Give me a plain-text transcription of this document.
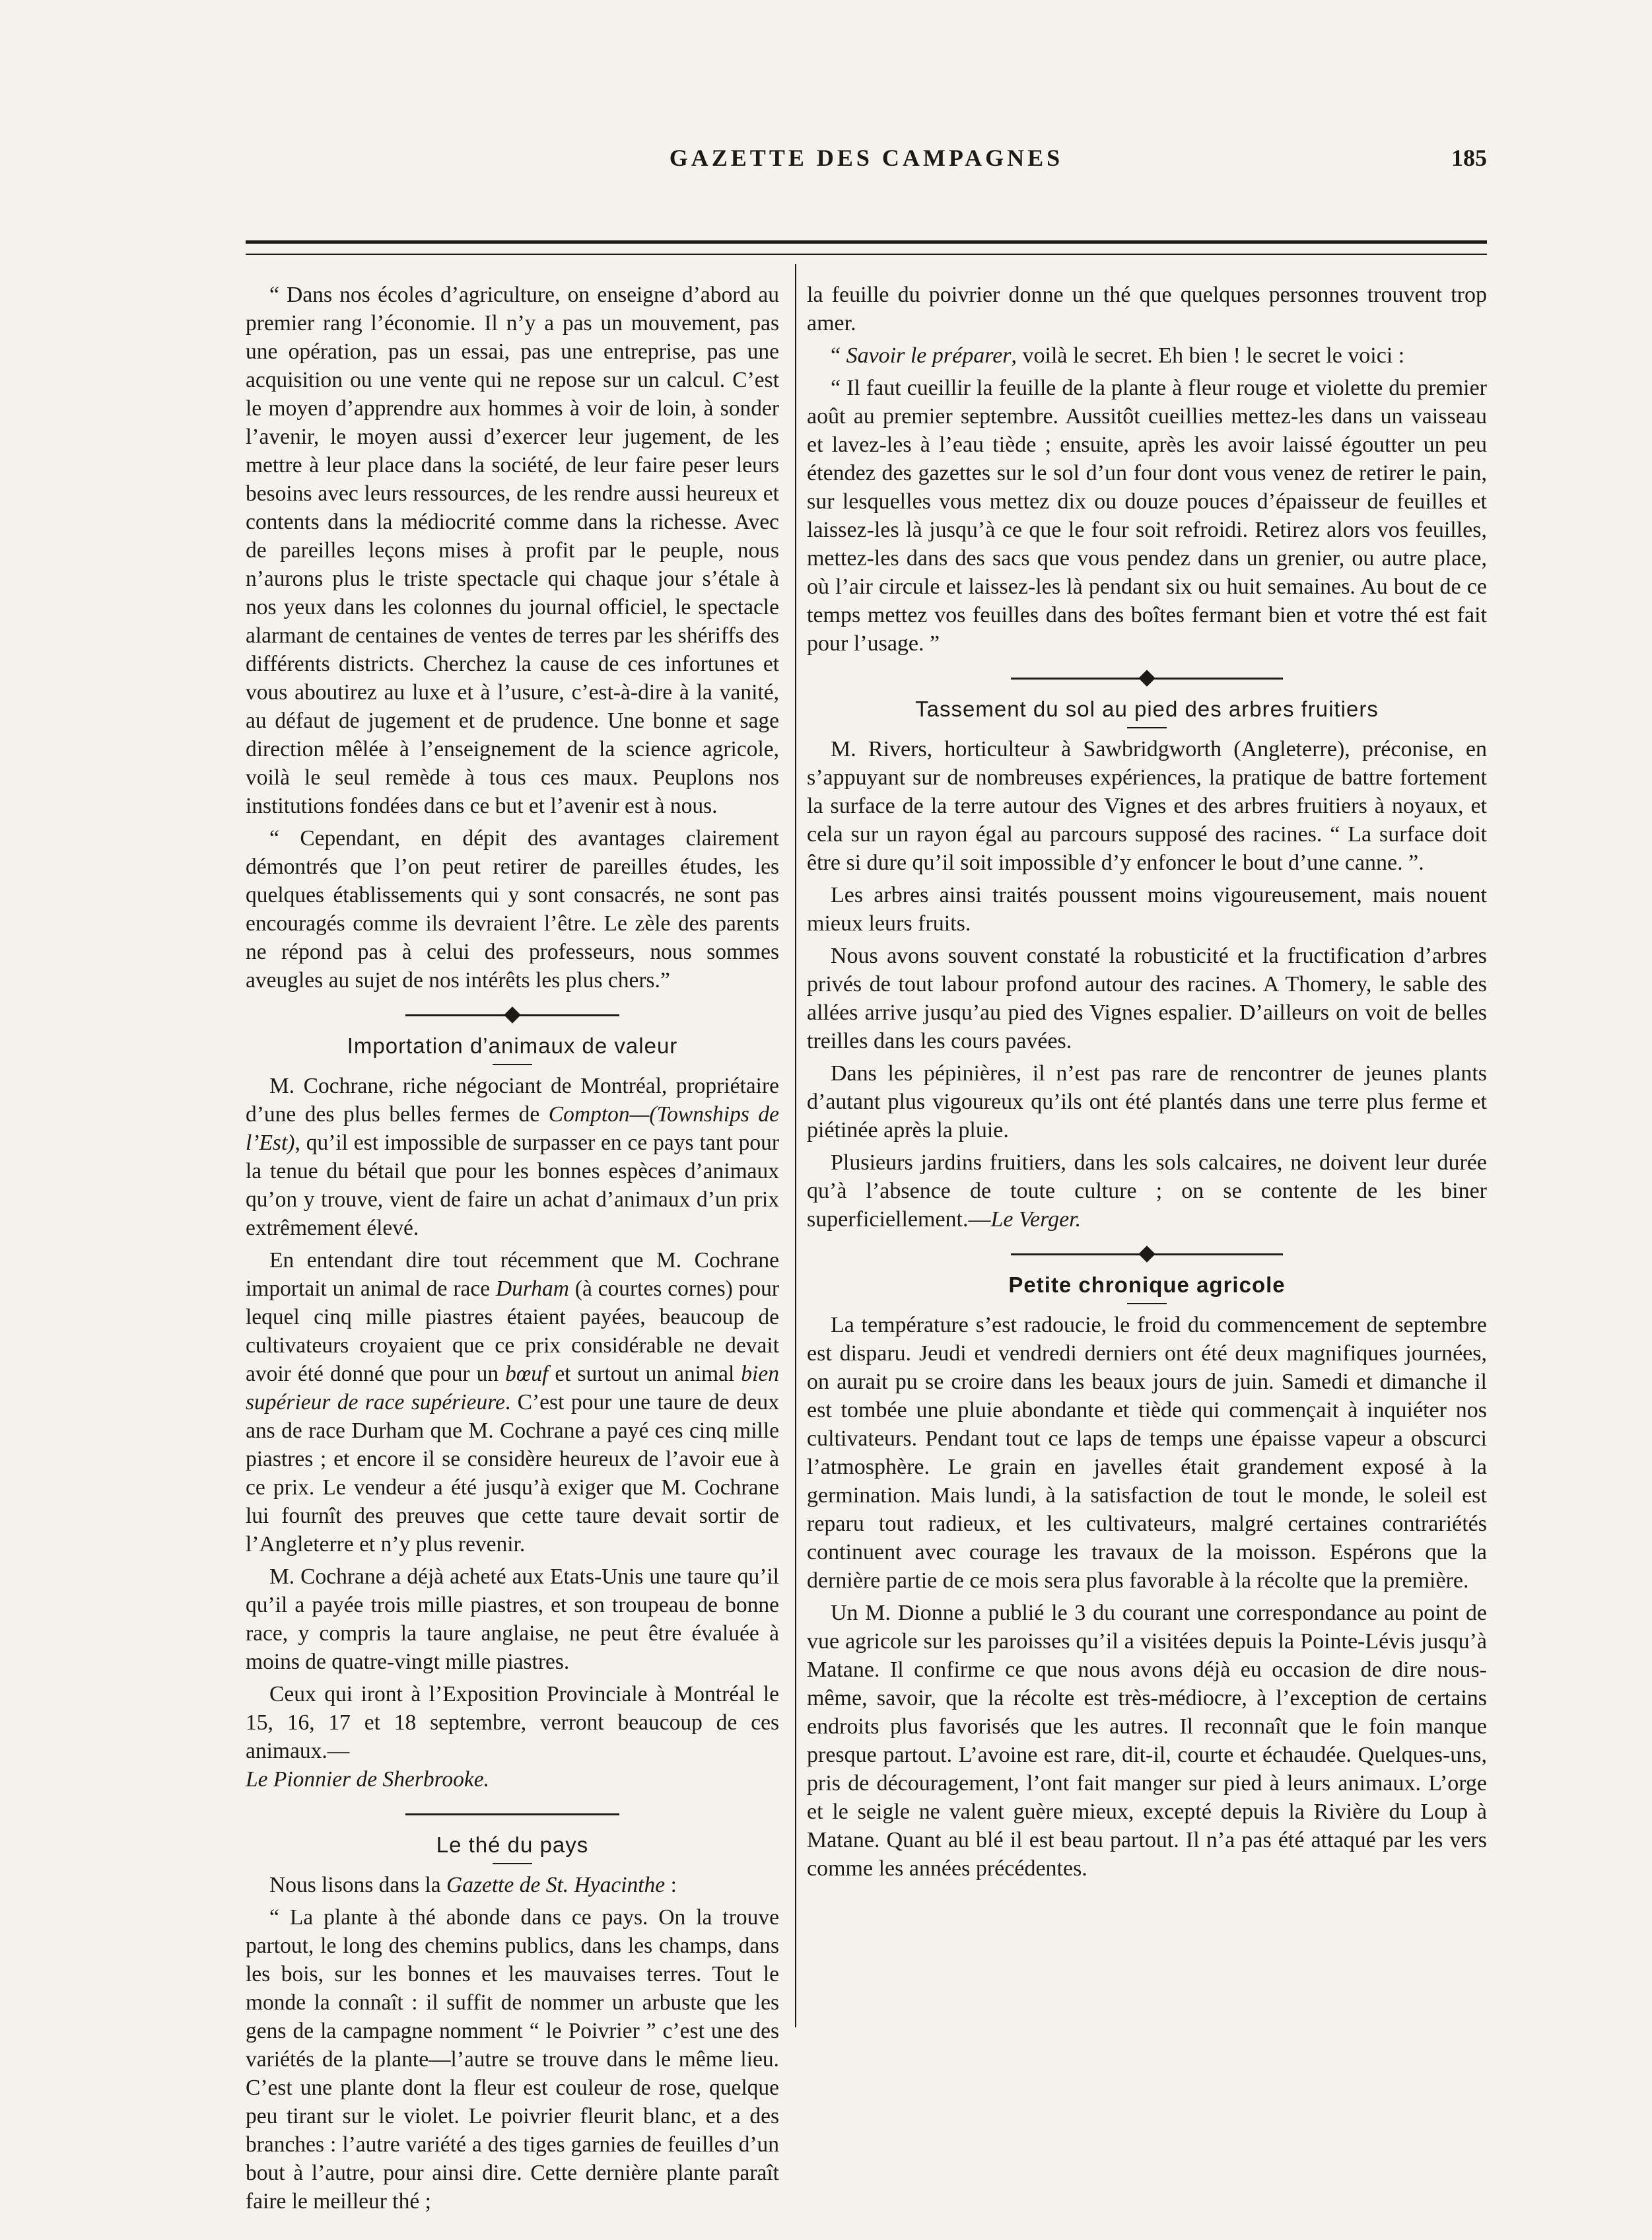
GAZETTE DES CAMPAGNES	185

“ Dans nos écoles d’agriculture, on enseigne d’abord au premier rang l’économie. Il n’y a pas un mouvement, pas une opération, pas un essai, pas une entreprise, pas une acquisition ou une vente qui ne repose sur un calcul. C’est le moyen d’apprendre aux hommes à voir de loin, à sonder l’avenir, le moyen aussi d’exercer leur jugement, de les mettre à leur place dans la société, de leur faire peser leurs besoins avec leurs ressources, de les rendre aussi heureux et contents dans la médiocrité comme dans la richesse. Avec de pareilles leçons mises à profit par le peuple, nous n’aurons plus le triste spectacle qui chaque jour s’étale à nos yeux dans les colonnes du journal officiel, le spectacle alarmant de centaines de ventes de terres par les shériffs des différents districts. Cherchez la cause de ces infortunes et vous aboutirez au luxe et à l’usure, c’est-à-dire à la vanité, au défaut de jugement et de prudence. Une bonne et sage direction mêlée à l’enseignement de la science agricole, voilà le seul remède à tous ces maux. Peuplons nos institutions fondées dans ce but et l’avenir est à nous.

“ Cependant, en dépit des avantages clairement démontrés que l’on peut retirer de pareilles études, les quelques établissements qui y sont consacrés, ne sont pas encouragés comme ils devraient l’être. Le zèle des parents ne répond pas à celui des professeurs, nous sommes aveugles au sujet de nos intérêts les plus chers.”

Importation d’animaux de valeur

M. Cochrane, riche négociant de Montréal, propriétaire d’une des plus belles fermes de Compton—(Townships de l’Est), qu’il est impossible de surpasser en ce pays tant pour la tenue du bétail que pour les bonnes espèces d’animaux qu’on y trouve, vient de faire un achat d’animaux d’un prix extrêmement élevé.

En entendant dire tout récemment que M. Cochrane importait un animal de race Durham (à courtes cornes) pour lequel cinq mille piastres étaient payées, beaucoup de cultivateurs croyaient que ce prix considérable ne devait avoir été donné que pour un bœuf et surtout un animal bien supérieur de race supérieure. C’est pour une taure de deux ans de race Durham que M. Cochrane a payé ces cinq mille piastres ; et encore il se considère heureux de l’avoir eue à ce prix. Le vendeur a été jusqu’à exiger que M. Cochrane lui fournît des preuves que cette taure devait sortir de l’Angleterre et n’y plus revenir.

M. Cochrane a déjà acheté aux Etats-Unis une taure qu’il qu’il a payée trois mille piastres, et son troupeau de bonne race, y compris la taure anglaise, ne peut être évaluée à moins de quatre-vingt mille piastres.

Ceux qui iront à l’Exposition Provinciale à Montréal le 15, 16, 17 et 18 septembre, verront beaucoup de ces animaux.—
Le Pionnier de Sherbrooke.

Le thé du pays

Nous lisons dans la Gazette de St. Hyacinthe :

“ La plante à thé abonde dans ce pays. On la trouve partout, le long des chemins publics, dans les champs, dans les bois, sur les bonnes et les mauvaises terres. Tout le monde la connaît : il suffit de nommer un arbuste que les gens de la campagne nomment “ le Poivrier ” c’est une des variétés de la plante—l’autre se trouve dans le même lieu. C’est une plante dont la fleur est couleur de rose, quelque peu tirant sur le violet. Le poivrier fleurit blanc, et a des branches : l’autre variété a des tiges garnies de feuilles d’un bout à l’autre, pour ainsi dire. Cette dernière plante paraît faire le meilleur thé ;

la feuille du poivrier donne un thé que quelques personnes trouvent trop amer.

“ Savoir le préparer, voilà le secret. Eh bien ! le secret le voici :

“ Il faut cueillir la feuille de la plante à fleur rouge et violette du premier août au premier septembre. Aussitôt cueillies mettez-les dans un vaisseau et lavez-les à l’eau tiède ; ensuite, après les avoir laissé égoutter un peu étendez des gazettes sur le sol d’un four dont vous venez de retirer le pain, sur lesquelles vous mettez dix ou douze pouces d’épaisseur de feuilles et laissez-les là jusqu’à ce que le four soit refroidi. Retirez alors vos feuilles, mettez-les dans des sacs que vous pendez dans un grenier, ou autre place, où l’air circule et laissez-les là pendant six ou huit semaines. Au bout de ce temps mettez vos feuilles dans des boîtes fermant bien et votre thé est fait pour l’usage. ”

Tassement du sol au pied des arbres fruitiers

M. Rivers, horticulteur à Sawbridgworth (Angleterre), préconise, en s’appuyant sur de nombreuses expériences, la pratique de battre fortement la surface de la terre autour des Vignes et des arbres fruitiers à noyaux, et cela sur un rayon égal au parcours supposé des racines. “ La surface doit être si dure qu’il soit impossible d’y enfoncer le bout d’une canne. ”.

Les arbres ainsi traités poussent moins vigoureusement, mais nouent mieux leurs fruits.

Nous avons souvent constaté la robusticité et la fructification d’arbres privés de tout labour profond autour des racines. A Thomery, le sable des allées arrive jusqu’au pied des Vignes espalier. D’ailleurs on voit de belles treilles dans les cours pavées.

Dans les pépinières, il n’est pas rare de rencontrer de jeunes plants d’autant plus vigoureux qu’ils ont été plantés dans une terre plus ferme et piétinée après la pluie.

Plusieurs jardins fruitiers, dans les sols calcaires, ne doivent leur durée qu’à l’absence de toute culture ; on se contente de les biner superficiellement.—Le Verger.

Petite chronique agricole

La température s’est radoucie, le froid du commencement de septembre est disparu. Jeudi et vendredi derniers ont été deux magnifiques journées, on aurait pu se croire dans les beaux jours de juin. Samedi et dimanche il est tombée une pluie abondante et tiède qui commençait à inquiéter nos cultivateurs. Pendant tout ce laps de temps une épaisse vapeur a obscurci l’atmosphère. Le grain en javelles était grandement exposé à la germination. Mais lundi, à la satisfaction de tout le monde, le soleil est reparu tout radieux, et les cultivateurs, malgré certaines contrariétés continuent avec courage les travaux de la moisson. Espérons que la dernière partie de ce mois sera plus favorable à la récolte que la première.

Un M. Dionne a publié le 3 du courant une correspondance au point de vue agricole sur les paroisses qu’il a visitées depuis la Pointe-Lévis jusqu’à Matane. Il confirme ce que nous avons déjà eu occasion de dire nous-même, savoir, que la récolte est très-médiocre, à l’exception de certains endroits plus favorisés que les autres. Il reconnaît que le foin manque presque partout. L’avoine est rare, dit-il, courte et échaudée. Quelques-uns, pris de découragement, l’ont fait manger sur pied à leurs animaux. L’orge et le seigle ne valent guère mieux, excepté depuis la Rivière du Loup à Matane. Quant au blé il est beau partout. Il n’a pas été attaqué par les vers comme les années précédentes.
